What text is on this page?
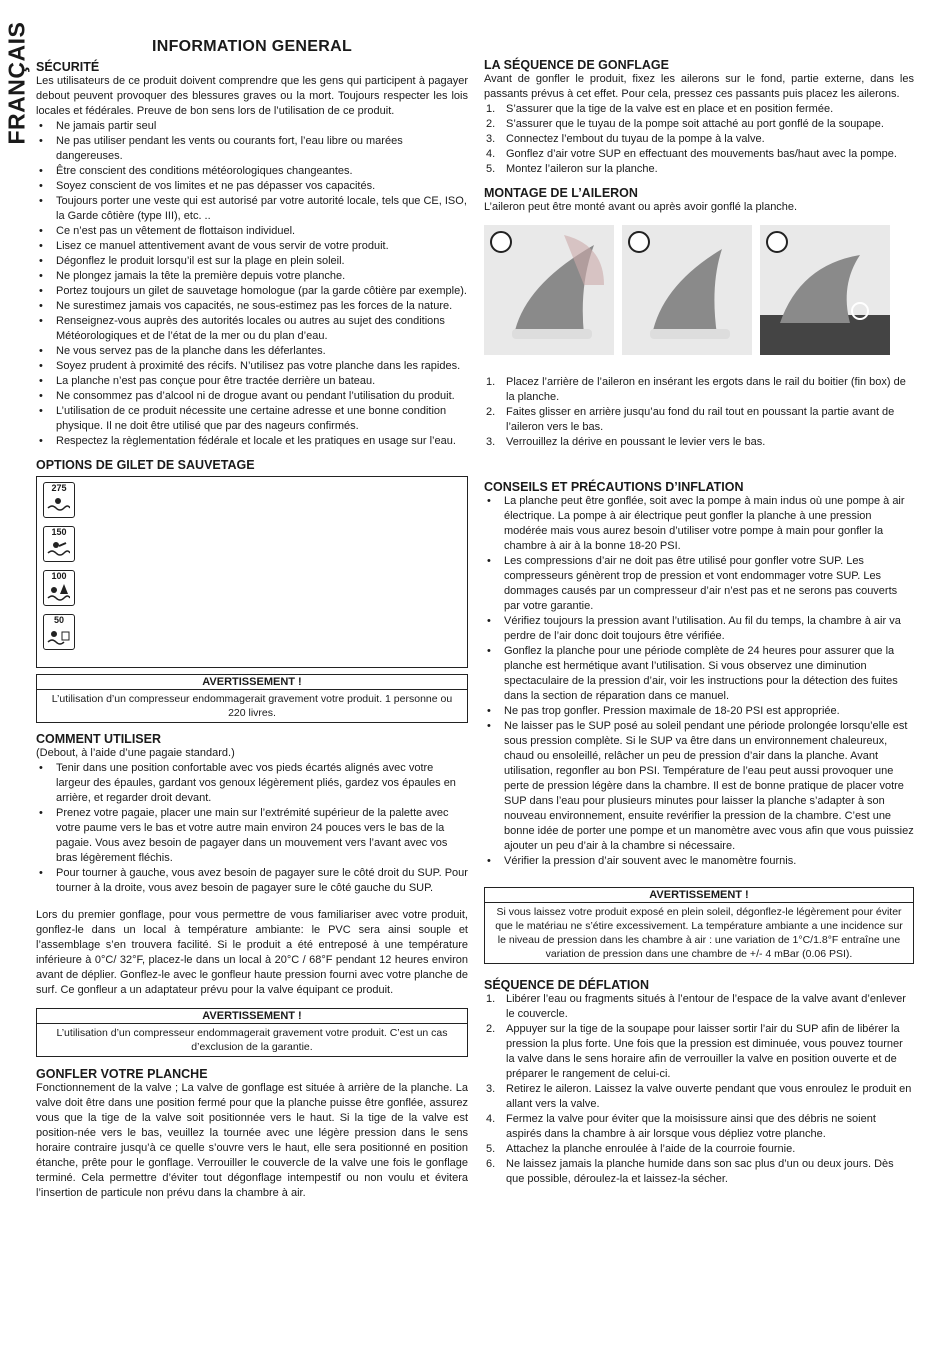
FRANÇAIS	INFORMATION GENERAL
SÉCURITÉ

Les utilisateurs de ce produit doivent comprendre que les gens qui participent à pagayer debout peuvent provoquer des blessures graves ou la mort. Toujours respecter les lois locales et fédérales. Preuve de bon sens lors de l’utilisation de ce produit.

• Ne jamais partir seul
• Ne pas utiliser pendant les vents ou courants fort, l’eau libre ou marées dangereuses.
• Être conscient des conditions météorologiques changeantes.
• Soyez conscient de vos limites et ne pas dépasser vos capacités.
• Toujours porter une veste qui est autorisé par votre autorité locale, tels que CE, ISO, la Garde côtière (type III), etc. ..
• Ce n’est pas un vêtement de flottaison individuel.
• Lisez ce manuel attentivement avant de vous servir de votre produit.
• Dégonflez le produit lorsqu’il est sur la plage en plein soleil.
• Ne plongez jamais la tête la première depuis votre planche.
• Portez toujours un gilet de sauvetage homologue (par la garde côtière par exemple).
• Ne surestimez jamais vos capacités, ne sous-estimez pas les forces de la nature.
• Renseignez-vous auprès des autorités locales ou autres au sujet des conditions Météorologiques et de l’état de la mer ou du plan d’eau.
• Ne vous servez pas de la planche dans les déferlantes.
• Soyez prudent à proximité des récifs. N’utilisez pas votre planche dans les rapides.
• La planche n’est pas conçue pour être tractée derrière un bateau.
• Ne consommez pas d’alcool ni de drogue avant ou pendant l’utilisation du produit.
• L’utilisation de ce produit nécessite une certaine adresse et une bonne condition physique. Il ne doit être utilisé que par des nageurs confirmés.
• Respectez la règlementation fédérale et locale et les pratiques en usage sur l’eau.
OPTIONS DE GILET DE SAUVETAGE
275
150
100
50
AVERTISSEMENT !
L’utilisation d’un compresseur endommagerait gravement votre produit. 1 personne ou 220 livres.
COMMENT UTILISER

(Debout, à l’aide d’une pagaie standard.)

• Tenir dans une position confortable avec vos pieds écartés alignés avec votre largeur des épaules, gardant vos genoux légèrement pliés, gardez vos épaules en arrière, et regarder droit devant.
• Prenez votre pagaie, placer une main sur l’extrémité supérieur de la palette avec votre paume vers le bas et votre autre main environ 24 pouces vers le bas de la pagaie. Vous avez besoin de pagayer dans un mouvement vers l’avant avec vos bras légèrement fléchis.
• Pour tourner à gauche, vous avez besoin de pagayer sure le côté droit du SUP. Pour tourner à la droite, vous avez besoin de pagayer sure le côté gauche du SUP.

Lors du premier gonflage, pour vous permettre de vous familiariser avec votre produit, gonflez-le dans un local à température ambiante: le PVC sera ainsi souple et l’assemblage s’en trouvera facilité. Si le produit a été entreposé à une température inférieure à 0°C/ 32°F, placez-le dans un local à 20°C / 68°F pendant 12 heures environ avant de déplier. Gonflez-le avec le gonfleur haute pression fourni avec votre planche de surf. Ce gonfleur a un adaptateur prévu pour la valve équipant ce produit.

AVERTISSEMENT !
L’utilisation d’un compresseur endommagerait gravement votre produit. C’est un cas d’exclusion de la garantie.
GONFLER VOTRE PLANCHE

Fonctionnement de la valve ; La valve de gonflage est située à arrière de la planche. La valve doit être dans une position fermé pour que la planche puisse être gonflée, assurez vous que la tige de la valve soit positionnée vers le haut. Si la tige de la valve est position-née vers le bas, veuillez la tournée avec une légère pression dans le sens horaire contraire jusqu’à ce quelle s’ouvre vers le haut, elle sera positionné en position étanche, prête pour le gonflage. Verrouiller le couvercle de la valve une fois le gonflage terminé. Cela permettre d’éviter tout dégonflage intempestif ou non voulu et évitera l’insertion de particule non prévu dans la chambre à air.

LA SÉQUENCE DE GONFLAGE

Avant de gonfler le produit, fixez les ailerons sur le fond, partie externe, dans les passants prévus à cet effet. Pour cela, pressez ces passants puis placez les ailerons.

1. S’assurer que la tige de la valve est en place et en position fermée.
2. S’assurer que le tuyau de la pompe soit attaché au port gonflé de la soupape.
3. Connectez l’embout du tuyau de la pompe à la valve.
4. Gonflez d’air votre SUP en effectuant des mouvements bas/haut avec la pompe.
5. Montez l’aileron sur la planche.
MONTAGE DE L’AILERON

L’aileron peut être monté avant ou après avoir gonflé la planche.

1. Placez l’arrière de l’aileron en insérant les ergots dans le rail du boitier (fin box) de la planche.
2. Faites glisser en arrière jusqu’au fond du rail tout en poussant la partie avant de l’aileron vers le bas.
3. Verrouillez la dérive en poussant le levier vers le bas.
CONSEILS ET PRÉCAUTIONS D’INFLATION
• La planche peut être gonflée, soit avec la pompe à main indus où une pompe à air électrique. La pompe à air électrique peut gonfler la planche à une pression modérée mais vous aurez besoin d’utiliser votre pompe à main pour gonfler la chambre à air à la bonne 18-20 PSI.
• Les compressions d’air ne doit pas être utilisé pour gonfler votre SUP. Les compresseurs génèrent trop de pression et vont endommager votre SUP. Les dommages causés par un compresseur d’air n’est pas et ne serons pas couverts par votre garantie.
• Vérifiez toujours la pression avant l’utilisation. Au fil du temps, la chambre à air va perdre de l’air donc doit toujours être vérifiée.
• Gonflez la planche pour une période complète de 24 heures pour assurer que la planche est hermétique avant l’utilisation. Si vous observez une diminution spectaculaire de la pression d’air, voir les instructions pour la détection des fuites dans la section de réparation dans ce manuel.
• Ne pas trop gonfler. Pression maximale de 18-20 PSI est appropriée.
• Ne laisser pas le SUP posé au soleil pendant une période prolongée lorsqu’elle est sous pression complète. Si le SUP va être dans un environnement chaleureux, chaud ou ensoleillé, relâcher un peu de pression d’air dans la planche. Avant utilisation, regonfler au bon PSI. Température de l’eau peut aussi provoquer une perte de pression légère dans la chambre. Il est de bonne pratique de placer votre SUP dans l’eau pour plusieurs minutes pour laisser la planche s’adapter à son nouveau environnement, ensuite revérifier la pression de la chambre. C’est une bonne idée de porter une pompe et un manomètre avec vous afin que vous puissiez ajouter un peu d’air à la chambre si nécessaire.
• Vérifier la pression d’air souvent avec le manomètre fournis.
AVERTISSEMENT !
Si vous laissez votre produit exposé en plein soleil, dégonflez-le légèrement pour éviter que le matériau ne s’étire excessivement. La température ambiante a une incidence sur le niveau de pression dans les chambre à air : une variation de 1°C/1.8°F entraîne une variation de pression dans une chambre de +/- 4 mBar (0.06 PSI).
SÉQUENCE DE DÉFLATION
1. Libérer l’eau ou fragments situés à l’entour de l’espace de la valve avant d’enlever le couvercle.
2. Appuyer sur la tige de la soupape pour laisser sortir l’air du SUP afin de libérer la pression la plus forte. Une fois que la pression est diminuée, vous pouvez tourner la valve dans le sens horaire afin de verrouiller la valve en position ouverte et de préparer le rangement de celui-ci.
3. Retirez le aileron. Laissez la valve ouverte pendant que vous enroulez le produit en allant vers la valve.
4. Fermez la valve pour éviter que la moisissure ainsi que des débris ne soient aspirés dans la chambre à air lorsque vous dépliez votre planche.
5. Attachez la planche enroulée à l’aide de la courroie fournie.
6. Ne laissez jamais la planche humide dans son sac plus d’un ou deux jours. Dès que possible, déroulez-la et laissez-la sécher.
